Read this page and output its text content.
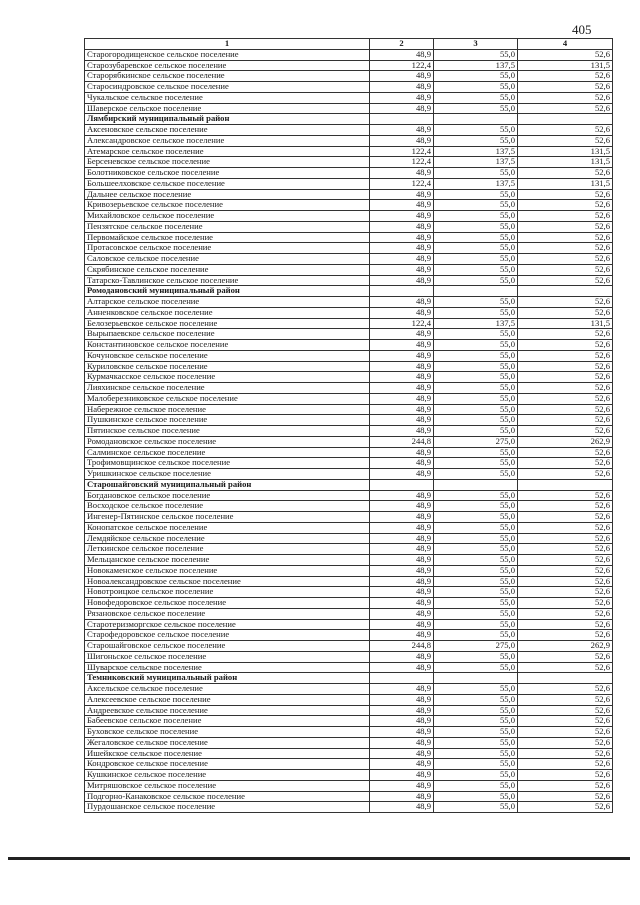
405
1	2	3	4
Старогородищенское сельское поселение	48,9	55,0	52,6
Старозубаревское сельское поселение	122,4	137,5	131,5
Старорябкинское сельское поселение	48,9	55,0	52,6
Старосиндровское сельское поселение	48,9	55,0	52,6
Чукальское сельское поселение	48,9	55,0	52,6
Шаверское сельское поселение	48,9	55,0	52,6
Лямбирский муниципальный район			
Аксеновское сельское поселение	48,9	55,0	52,6
Александровское сельское поселение	48,9	55,0	52,6
Атемарское сельское поселение	122,4	137,5	131,5
Берсеневское сельское поселение	122,4	137,5	131,5
Болотниковское сельское поселение	48,9	55,0	52,6
Большеелховское сельское поселение	122,4	137,5	131,5
Дальнее сельское поселение	48,9	55,0	52,6
Кривозерьевское сельское поселение	48,9	55,0	52,6
Михайловское сельское поселение	48,9	55,0	52,6
Пензятское сельское поселение	48,9	55,0	52,6
Первомайское сельское поселение	48,9	55,0	52,6
Протасовское сельское поселение	48,9	55,0	52,6
Саловское сельское поселение	48,9	55,0	52,6
Скрябинское сельское поселение	48,9	55,0	52,6
Татарско-Тавлинское сельское поселение	48,9	55,0	52,6
Ромодановский муниципальный район			
Алтарское сельское поселение	48,9	55,0	52,6
Анненковское сельское поселение	48,9	55,0	52,6
Белозерьевское сельское поселение	122,4	137,5	131,5
Вырыпаевское сельское поселение	48,9	55,0	52,6
Константиновское сельское поселение	48,9	55,0	52,6
Кочуновское сельское поселение	48,9	55,0	52,6
Куриловское сельское поселение	48,9	55,0	52,6
Курмачкасское сельское поселение	48,9	55,0	52,6
Лияхинское сельское поселение	48,9	55,0	52,6
Малоберезниковское сельское поселение	48,9	55,0	52,6
Набережное сельское поселение	48,9	55,0	52,6
Пушкинское сельское поселение	48,9	55,0	52,6
Пятинское сельское поселение	48,9	55,0	52,6
Ромодановское сельское поселение	244,8	275,0	262,9
Салминское сельское поселение	48,9	55,0	52,6
Трофимовщинское сельское поселение	48,9	55,0	52,6
Уришкинское сельское поселение	48,9	55,0	52,6
Старошайговский муниципальный район			
Богдановское сельское поселение	48,9	55,0	52,6
Восходское сельское поселение	48,9	55,0	52,6
Ингенер-Пятинское сельское поселение	48,9	55,0	52,6
Конопатское сельское поселение	48,9	55,0	52,6
Лемдяйское сельское поселение	48,9	55,0	52,6
Леткинское сельское поселение	48,9	55,0	52,6
Мельцанское сельское поселение	48,9	55,0	52,6
Новокаменское сельское поселение	48,9	55,0	52,6
Новоалександровское сельское поселение	48,9	55,0	52,6
Новотроицкое сельское поселение	48,9	55,0	52,6
Новофедоровское сельское поселение	48,9	55,0	52,6
Рязановское сельское поселение	48,9	55,0	52,6
Старотеризморгское сельское поселение	48,9	55,0	52,6
Старофедоровское сельское поселение	48,9	55,0	52,6
Старошайговское сельское поселение	244,8	275,0	262,9
Шигоньское сельское поселение	48,9	55,0	52,6
Шуварское сельское поселение	48,9	55,0	52,6
Темниковский муниципальный район			
Аксельское сельское поселение	48,9	55,0	52,6
Алексеевское сельское поселение	48,9	55,0	52,6
Андреевское сельское поселение	48,9	55,0	52,6
Бабеевское сельское поселение	48,9	55,0	52,6
Буховское сельское поселение	48,9	55,0	52,6
Жегаловское сельское поселение	48,9	55,0	52,6
Ишейкское сельское поселение	48,9	55,0	52,6
Кондровское сельское поселение	48,9	55,0	52,6
Кушкинское сельское поселение	48,9	55,0	52,6
Митряшовское сельское поселение	48,9	55,0	52,6
Подгорно-Канаковское сельское поселение	48,9	55,0	52,6
Пурдошанское сельское поселение	48,9	55,0	52,6
